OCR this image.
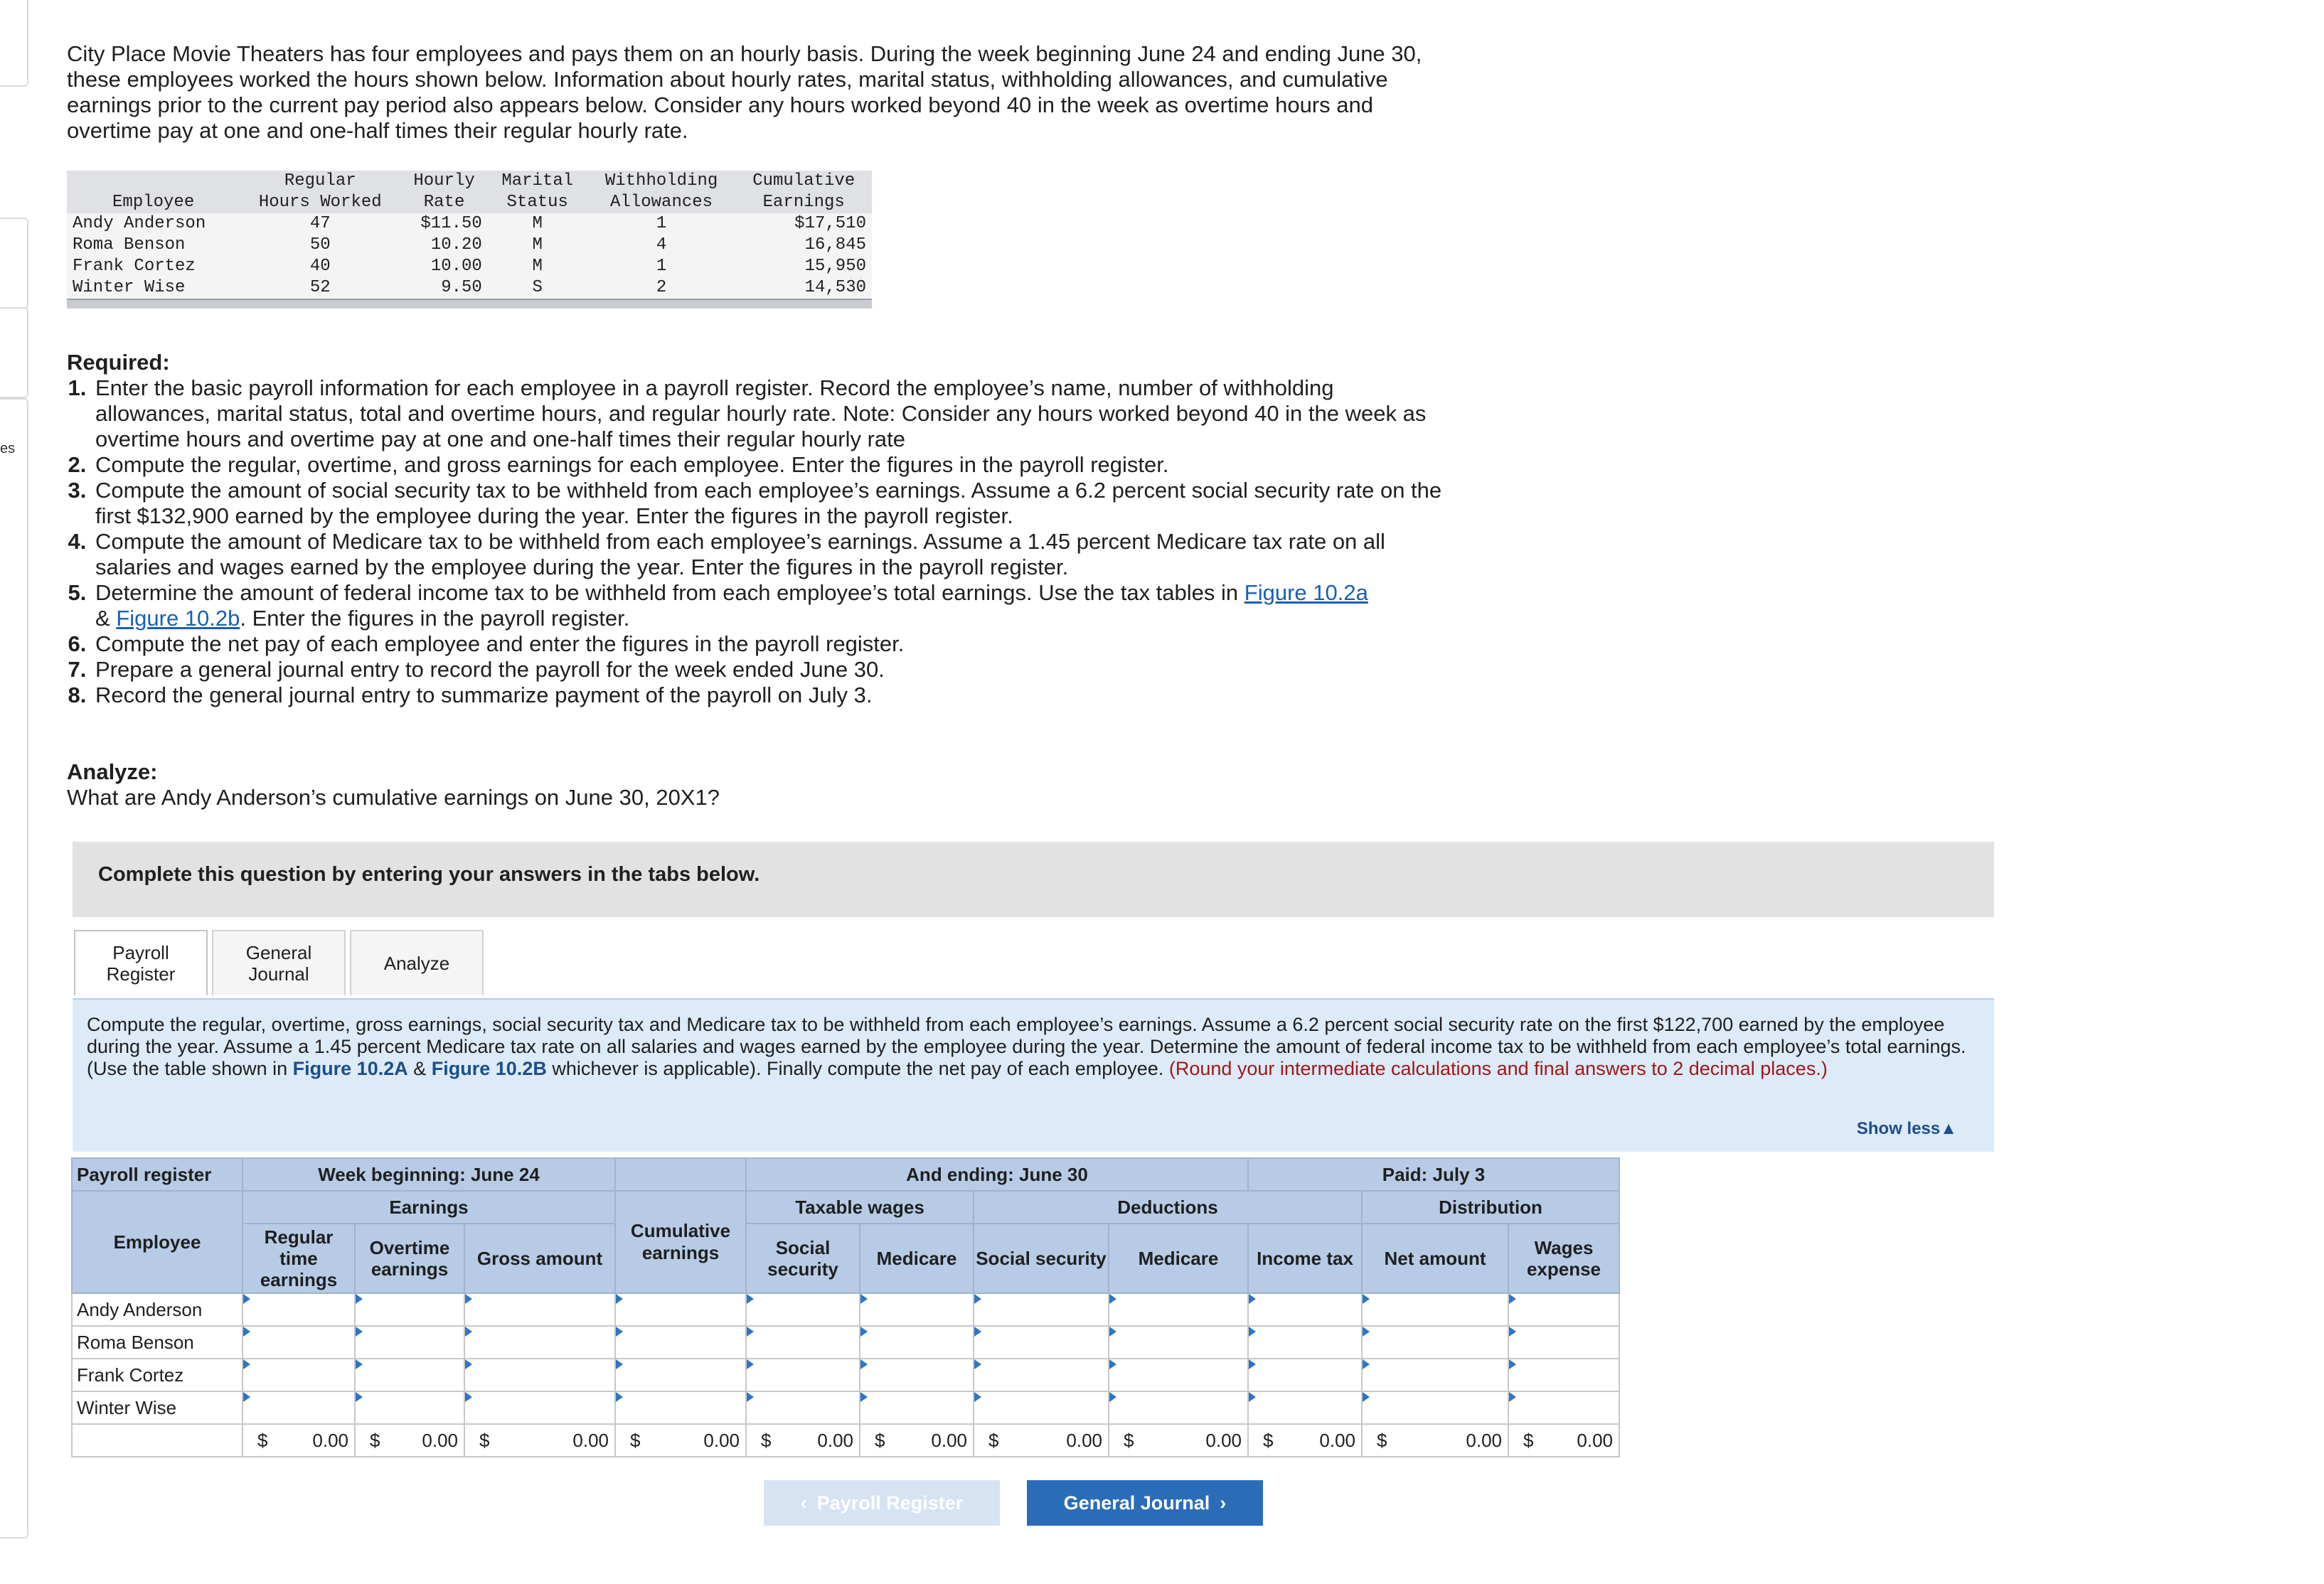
es
City Place Movie Theaters has four employees and pays them on an hourly basis. During the week beginning June 24 and ending June 30, these employees worked the hours shown below. Information about hourly rates, marital status, withholding allowances, and cumulative earnings prior to the current pay period also appears below. Consider any hours worked beyond 40 in the week as overtime hours and overtime pay at one and one-half times their regular hourly rate.
	Regular	Hourly	Marital	Withholding	Cumulative
Employee	Hours Worked	Rate	Status	Allowances	Earnings
Andy Anderson	47	$11.50	M	1	$17,510
Roma Benson	50	10.20	M	4	16,845
Frank Cortez	40	10.00	M	1	15,950
Winter Wise	52	9.50	S	2	14,530
Required:
1. Enter the basic payroll information for each employee in a payroll register. Record the employee’s name, number of withholding allowances, marital status, total and overtime hours, and regular hourly rate. Note: Consider any hours worked beyond 40 in the week as overtime hours and overtime pay at one and one-half times their regular hourly rate
2. Compute the regular, overtime, and gross earnings for each employee. Enter the figures in the payroll register.
3. Compute the amount of social security tax to be withheld from each employee’s earnings. Assume a 6.2 percent social security rate on the first $132,900 earned by the employee during the year. Enter the figures in the payroll register.
4. Compute the amount of Medicare tax to be withheld from each employee’s earnings. Assume a 1.45 percent Medicare tax rate on all salaries and wages earned by the employee during the year. Enter the figures in the payroll register.
5. Determine the amount of federal income tax to be withheld from each employee’s total earnings. Use the tax tables in Figure 10.2a
& Figure 10.2b. Enter the figures in the payroll register.
6. Compute the net pay of each employee and enter the figures in the payroll register.
7. Prepare a general journal entry to record the payroll for the week ended June 30.
8. Record the general journal entry to summarize payment of the payroll on July 3.
Analyze:
What are Andy Anderson’s cumulative earnings on June 30, 20X1?
Complete this question by entering your answers in the tabs below.
Payroll
Register
General
Journal	Analyze

Compute the regular, overtime, gross earnings, social security tax and Medicare tax to be withheld from each employee’s earnings. Assume a 6.2 percent social security rate on the first $122,700 earned by the employee during the year. Assume a 1.45 percent Medicare tax rate on all salaries and wages earned by the employee during the year. Determine the amount of federal income tax to be withheld from each employee’s total earnings. (Use the table shown in Figure 10.2A & Figure 10.2B whichever is applicable). Finally compute the net pay of each employee. (Round your intermediate calculations and final answers to 2 decimal places.)

Show less▲
Payroll register	Week beginning: June 24				And ending: June 30				Paid: July 3		
Employee	Earnings			Cumulative earnings	Taxable wages		Deductions			Distribution	
	Regular time earnings	Overtime earnings	Gross amount		Social security	Medicare	Social security	Medicare	Income tax	Net amount	Wages expense
Andy Anderson											
Roma Benson											
Frank Cortez											
Winter Wise											

	$ 0.00	$ 0.00	$ 0.00	$ 0.00	$ 0.00	$ 0.00	$ 0.00	$ 0.00	$ 0.00	$ 0.00	$ 0.00
‹ Payroll Register	General Journal ›
